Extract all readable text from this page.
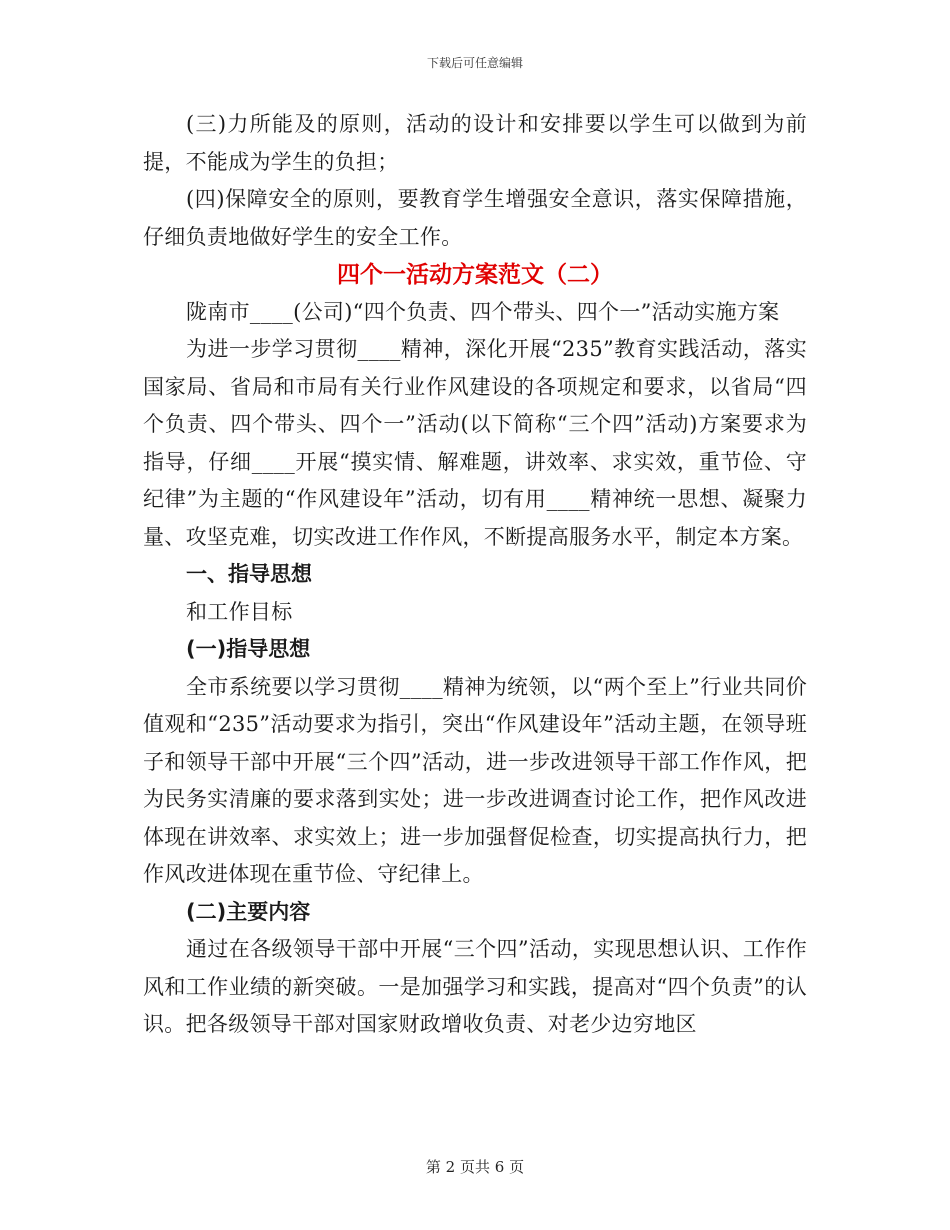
下载后可任意编辑

(三)力所能及的原则，活动的设计和安排要以学生可以做到为前提，不能成为学生的负担；

(四)保障安全的原则，要教育学生增强安全意识，落实保障措施，仔细负责地做好学生的安全工作。

四个一活动方案范文（二）

陇南市____(公司)“四个负责、四个带头、四个一”活动实施方案

为进一步学习贯彻____精神，深化开展“235”教育实践活动，落实国家局、省局和市局有关行业作风建设的各项规定和要求，以省局“四个负责、四个带头、四个一”活动(以下简称“三个四”活动)方案要求为指导，仔细____开展“摸实情、解难题，讲效率、求实效，重节俭、守纪律”为主题的“作风建设年”活动，切有用____精神统一思想、凝聚力量、攻坚克难，切实改进工作作风，不断提高服务水平，制定本方案。

一、指导思想

和工作目标

(一)指导思想

全市系统要以学习贯彻____精神为统领，以“两个至上”行业共同价值观和“235”活动要求为指引，突出“作风建设年”活动主题，在领导班子和领导干部中开展“三个四”活动，进一步改进领导干部工作作风，把为民务实清廉的要求落到实处；进一步改进调查讨论工作，把作风改进体现在讲效率、求实效上；进一步加强督促检查，切实提高执行力，把作风改进体现在重节俭、守纪律上。

(二)主要内容

通过在各级领导干部中开展“三个四”活动，实现思想认识、工作作风和工作业绩的新突破。一是加强学习和实践，提高对“四个负责”的认识。把各级领导干部对国家财政增收负责、对老少边穷地区

第 2 页共 6 页
